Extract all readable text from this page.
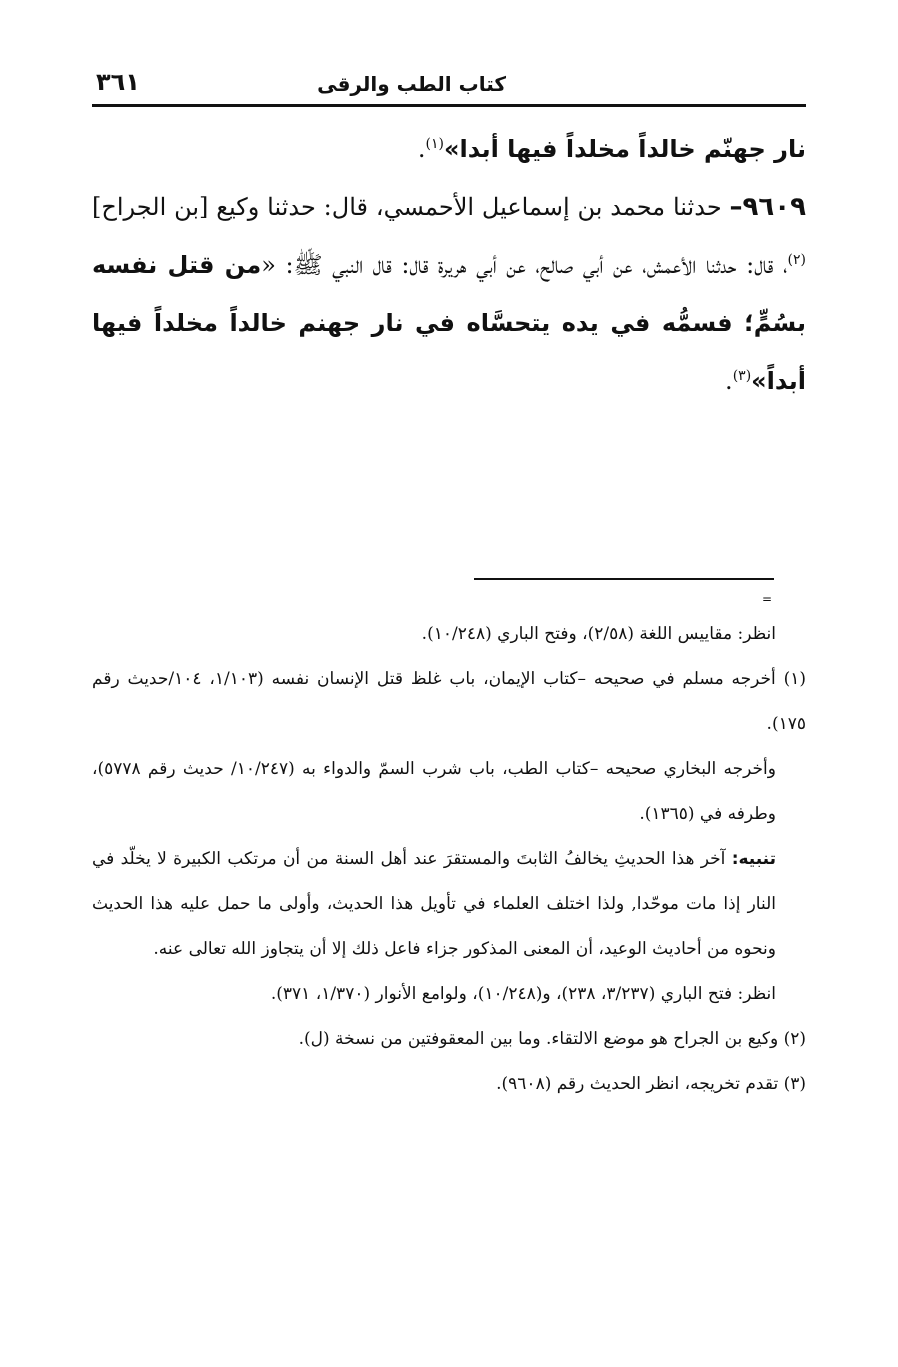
كتاب الطب والرقى
٣٦١

نار جهنّم خالداً مخلداً فيها أبدا»$^{(١)}$.

٩٦٠٩– حدثنا محمد بن إسماعيل الأحمسي، قال: حدثنا وكيع [بن الجراح]$^{(٢)}$، قال: حدثنا الأعمش، عن أبي صالح، عن أبي هريرة قال: قال النبي ﷺ: «من قتل نفسه بسُمٍّ؛ فسمُّه في يده يتحسَّاه في نار جهنم خالداً مخلداً فيها أبداً»$^{(٣)}$.

=

انظر: مقاييس اللغة (٢/٥٨)، وفتح الباري (١٠/٢٤٨).

(١) أخرجه مسلم في صحيحه –كتاب الإيمان، باب غلظ قتل الإنسان نفسه (١/١٠٣، ١٠٤/حديث رقم ١٧٥).

وأخرجه البخاري صحيحه –كتاب الطب، باب شرب السمّ والدواء به (١٠/٢٤٧/ حديث رقم ٥٧٧٨)، وطرفه في (١٣٦٥).

تنبيه: آخر هذا الحديثِ يخالفُ الثابتَ والمستقرَ عند أهل السنة من أن مرتكب الكبيرة لا يخلّد في النار إذا مات موحّدا, ولذا اختلف العلماء في تأويل هذا الحديث، وأولى ما حمل عليه هذا الحديث ونحوه من أحاديث الوعيد، أن المعنى المذكور جزاء فاعل ذلك إلا أن يتجاوز الله تعالى عنه.

انظر: فتح الباري (٣/٢٣٧، ٢٣٨)، و(١٠/٢٤٨)، ولوامع الأنوار (١/٣٧٠، ٣٧١).

(٢) وكيع بن الجراح هو موضع الالتقاء. وما بين المعقوفتين من نسخة (ل).

(٣) تقدم تخريجه، انظر الحديث رقم (٩٦٠٨).
